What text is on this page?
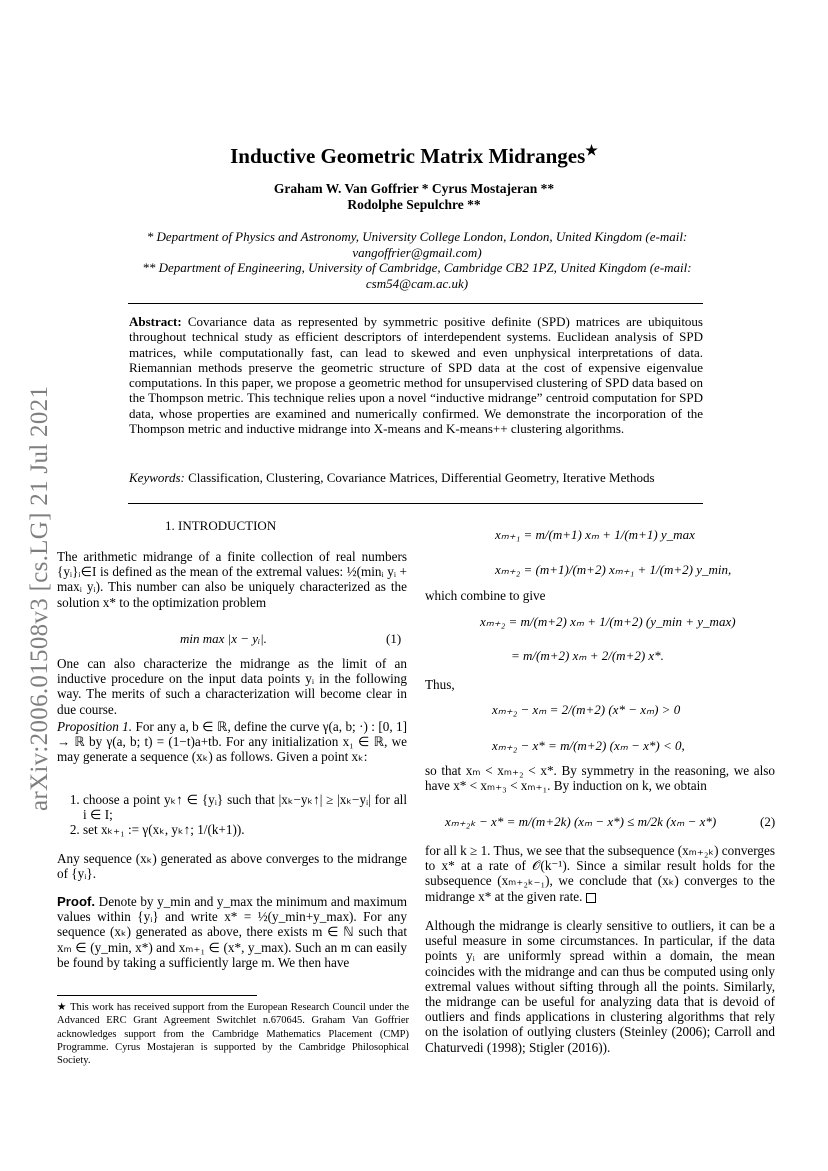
arXiv:2006.01508v3 [cs.LG] 21 Jul 2021
Inductive Geometric Matrix Midranges★
Graham W. Van Goffrier * Cyrus Mostajeran **
Rodolphe Sepulchre **
* Department of Physics and Astronomy, University College London, London, United Kingdom (e-mail: vangoffrier@gmail.com)
** Department of Engineering, University of Cambridge, Cambridge CB2 1PZ, United Kingdom (e-mail: csm54@cam.ac.uk)
Abstract: Covariance data as represented by symmetric positive definite (SPD) matrices are ubiquitous throughout technical study as efficient descriptors of interdependent systems. Euclidean analysis of SPD matrices, while computationally fast, can lead to skewed and even unphysical interpretations of data. Riemannian methods preserve the geometric structure of SPD data at the cost of expensive eigenvalue computations. In this paper, we propose a geometric method for unsupervised clustering of SPD data based on the Thompson metric. This technique relies upon a novel “inductive midrange” centroid computation for SPD data, whose properties are examined and numerically confirmed. We demonstrate the incorporation of the Thompson metric and inductive midrange into X-means and K-means++ clustering algorithms.
Keywords: Classification, Clustering, Covariance Matrices, Differential Geometry, Iterative Methods
1. INTRODUCTION
The arithmetic midrange of a finite collection of real numbers {yᵢ}ᵢ∈I is defined as the mean of the extremal values: ½(minᵢ yᵢ + maxᵢ yᵢ). This number can also be uniquely characterized as the solution x* to the optimization problem
min max |x − yᵢ|.	(1)
One can also characterize the midrange as the limit of an inductive procedure on the input data points yᵢ in the following way. The merits of such a characterization will become clear in due course.
Proposition 1. For any a, b ∈ ℝ, define the curve γ(a, b; ·) : [0, 1] → ℝ by γ(a, b; t) = (1−t)a+tb. For any initialization x₁ ∈ ℝ, we may generate a sequence (xₖ) as follows. Given a point xₖ:
1. choose a point yₖ↑ ∈ {yᵢ} such that |xₖ−yₖ↑| ≥ |xₖ−yᵢ| for all i ∈ I;
2. set xₖ₊₁ := γ(xₖ, yₖ↑; 1/(k+1)).
Any sequence (xₖ) generated as above converges to the midrange of {yᵢ}.
Proof. Denote by y_min and y_max the minimum and maximum values within {yᵢ} and write x* = ½(y_min+y_max). For any sequence (xₖ) generated as above, there exists m ∈ ℕ such that xₘ ∈ (y_min, x*) and xₘ₊₁ ∈ (x*, y_max). Such an m can easily be found by taking a sufficiently large m. We then have
★ This work has received support from the European Research Council under the Advanced ERC Grant Agreement Switchlet n.670645. Graham Van Goffrier acknowledges support from the Cambridge Mathematics Placement (CMP) Programme. Cyrus Mostajeran is supported by the Cambridge Philosophical Society.
xₘ₊₁ = m/(m+1) xₘ + 1/(m+1) y_max
xₘ₊₂ = (m+1)/(m+2) xₘ₊₁ + 1/(m+2) y_min,
which combine to give
xₘ₊₂ = m/(m+2) xₘ + 1/(m+2) (y_min + y_max)
= m/(m+2) xₘ + 2/(m+2) x*.
Thus,
xₘ₊₂ − xₘ = 2/(m+2) (x* − xₘ) > 0
xₘ₊₂ − x* = m/(m+2) (xₘ − x*) < 0,
so that xₘ < xₘ₊₂ < x*. By symmetry in the reasoning, we also have x* < xₘ₊₃ < xₘ₊₁. By induction on k, we obtain
xₘ₊₂ₖ − x* = m/(m+2k) (xₘ − x*) ≤ m/2k (xₘ − x*)	(2)
for all k ≥ 1. Thus, we see that the subsequence (xₘ₊₂ₖ) converges to x* at a rate of 𝒪(k⁻¹). Since a similar result holds for the subsequence (xₘ₊₂ₖ₋₁), we conclude that (xₖ) converges to the midrange x* at the given rate.
Although the midrange is clearly sensitive to outliers, it can be a useful measure in some circumstances. In particular, if the data points yᵢ are uniformly spread within a domain, the mean coincides with the midrange and can thus be computed using only extremal values without sifting through all the points. Similarly, the midrange can be useful for analyzing data that is devoid of outliers and finds applications in clustering algorithms that rely on the isolation of outlying clusters (Steinley (2006); Carroll and Chaturvedi (1998); Stigler (2016)).
